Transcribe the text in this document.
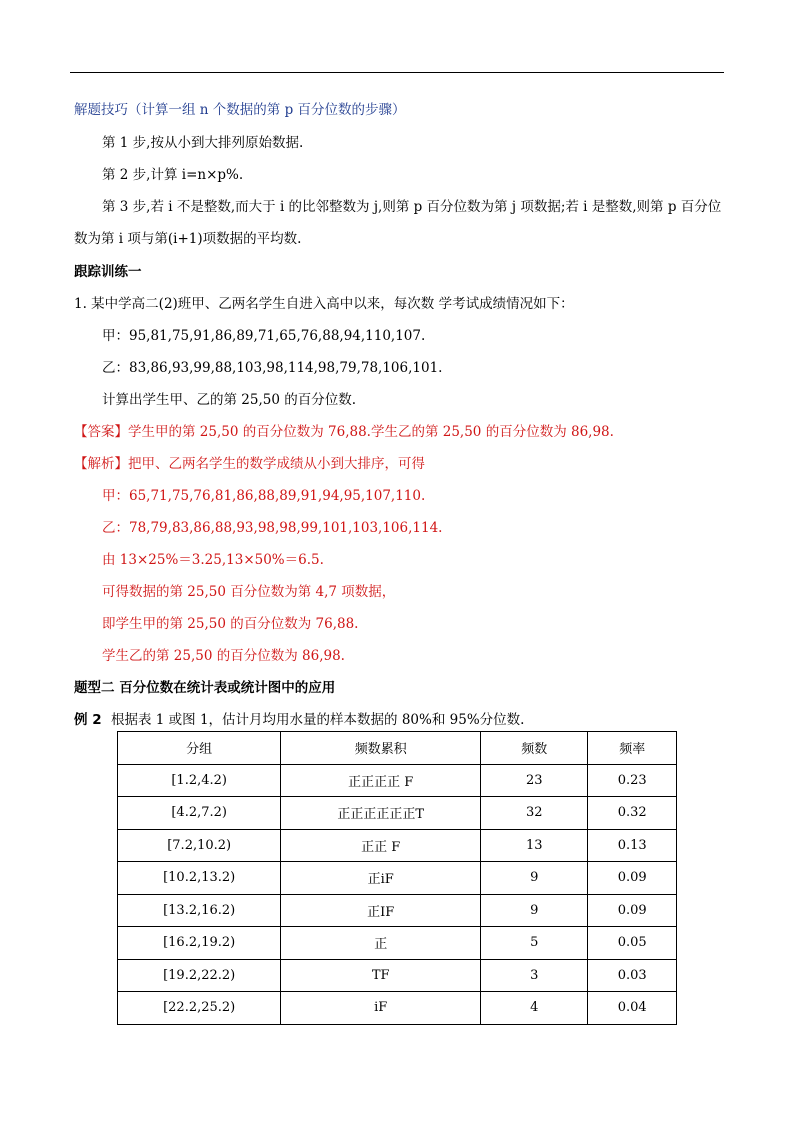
解题技巧（计算一组 n 个数据的第 p 百分位数的步骤）
第 1 步,按从小到大排列原始数据.
第 2 步,计算 i=n×p%.
第 3 步,若 i 不是整数,而大于 i 的比邻整数为 j,则第 p 百分位数为第 j 项数据;若 i 是整数,则第 p 百分位
数为第 i 项与第(i+1)项数据的平均数.
跟踪训练一
1. 某中学高二(2)班甲、乙两名学生自进入高中以来，每次数 学考试成绩情况如下：
甲：95,81,75,91,86,89,71,65,76,88,94,110,107.
乙：83,86,93,99,88,103,98,114,98,79,78,106,101.
计算出学生甲、乙的第 25,50 的百分位数.
【答案】学生甲的第 25,50 的百分位数为 76,88.学生乙的第 25,50 的百分位数为 86,98.
【解析】把甲、乙两名学生的数学成绩从小到大排序，可得
甲：65,71,75,76,81,86,88,89,91,94,95,107,110.
乙：78,79,83,86,88,93,98,98,99,101,103,106,114.
由 13×25%＝3.25,13×50%＝6.5.
可得数据的第 25,50 百分位数为第 4,7 项数据，
即学生甲的第 25,50 的百分位数为 76,88.
学生乙的第 25,50 的百分位数为 86,98.
题型二 百分位数在统计表或统计图中的应用
例 2 根据表 1 或图 1，估计月均用水量的样本数据的 80%和 95%分位数.
分组	频数累积	频数	频率
[1.2,4.2)	正正正正 F	23	0.23
[4.2,7.2)	正正正正正正T	32	0.32
[7.2,10.2)	正正 F	13	0.13
[10.2,13.2)	正iF	9	0.09
[13.2,16.2)	正IF	9	0.09
[16.2,19.2)	正	5	0.05
[19.2,22.2)	TF	3	0.03
[22.2,25.2)	iF	4	0.04
